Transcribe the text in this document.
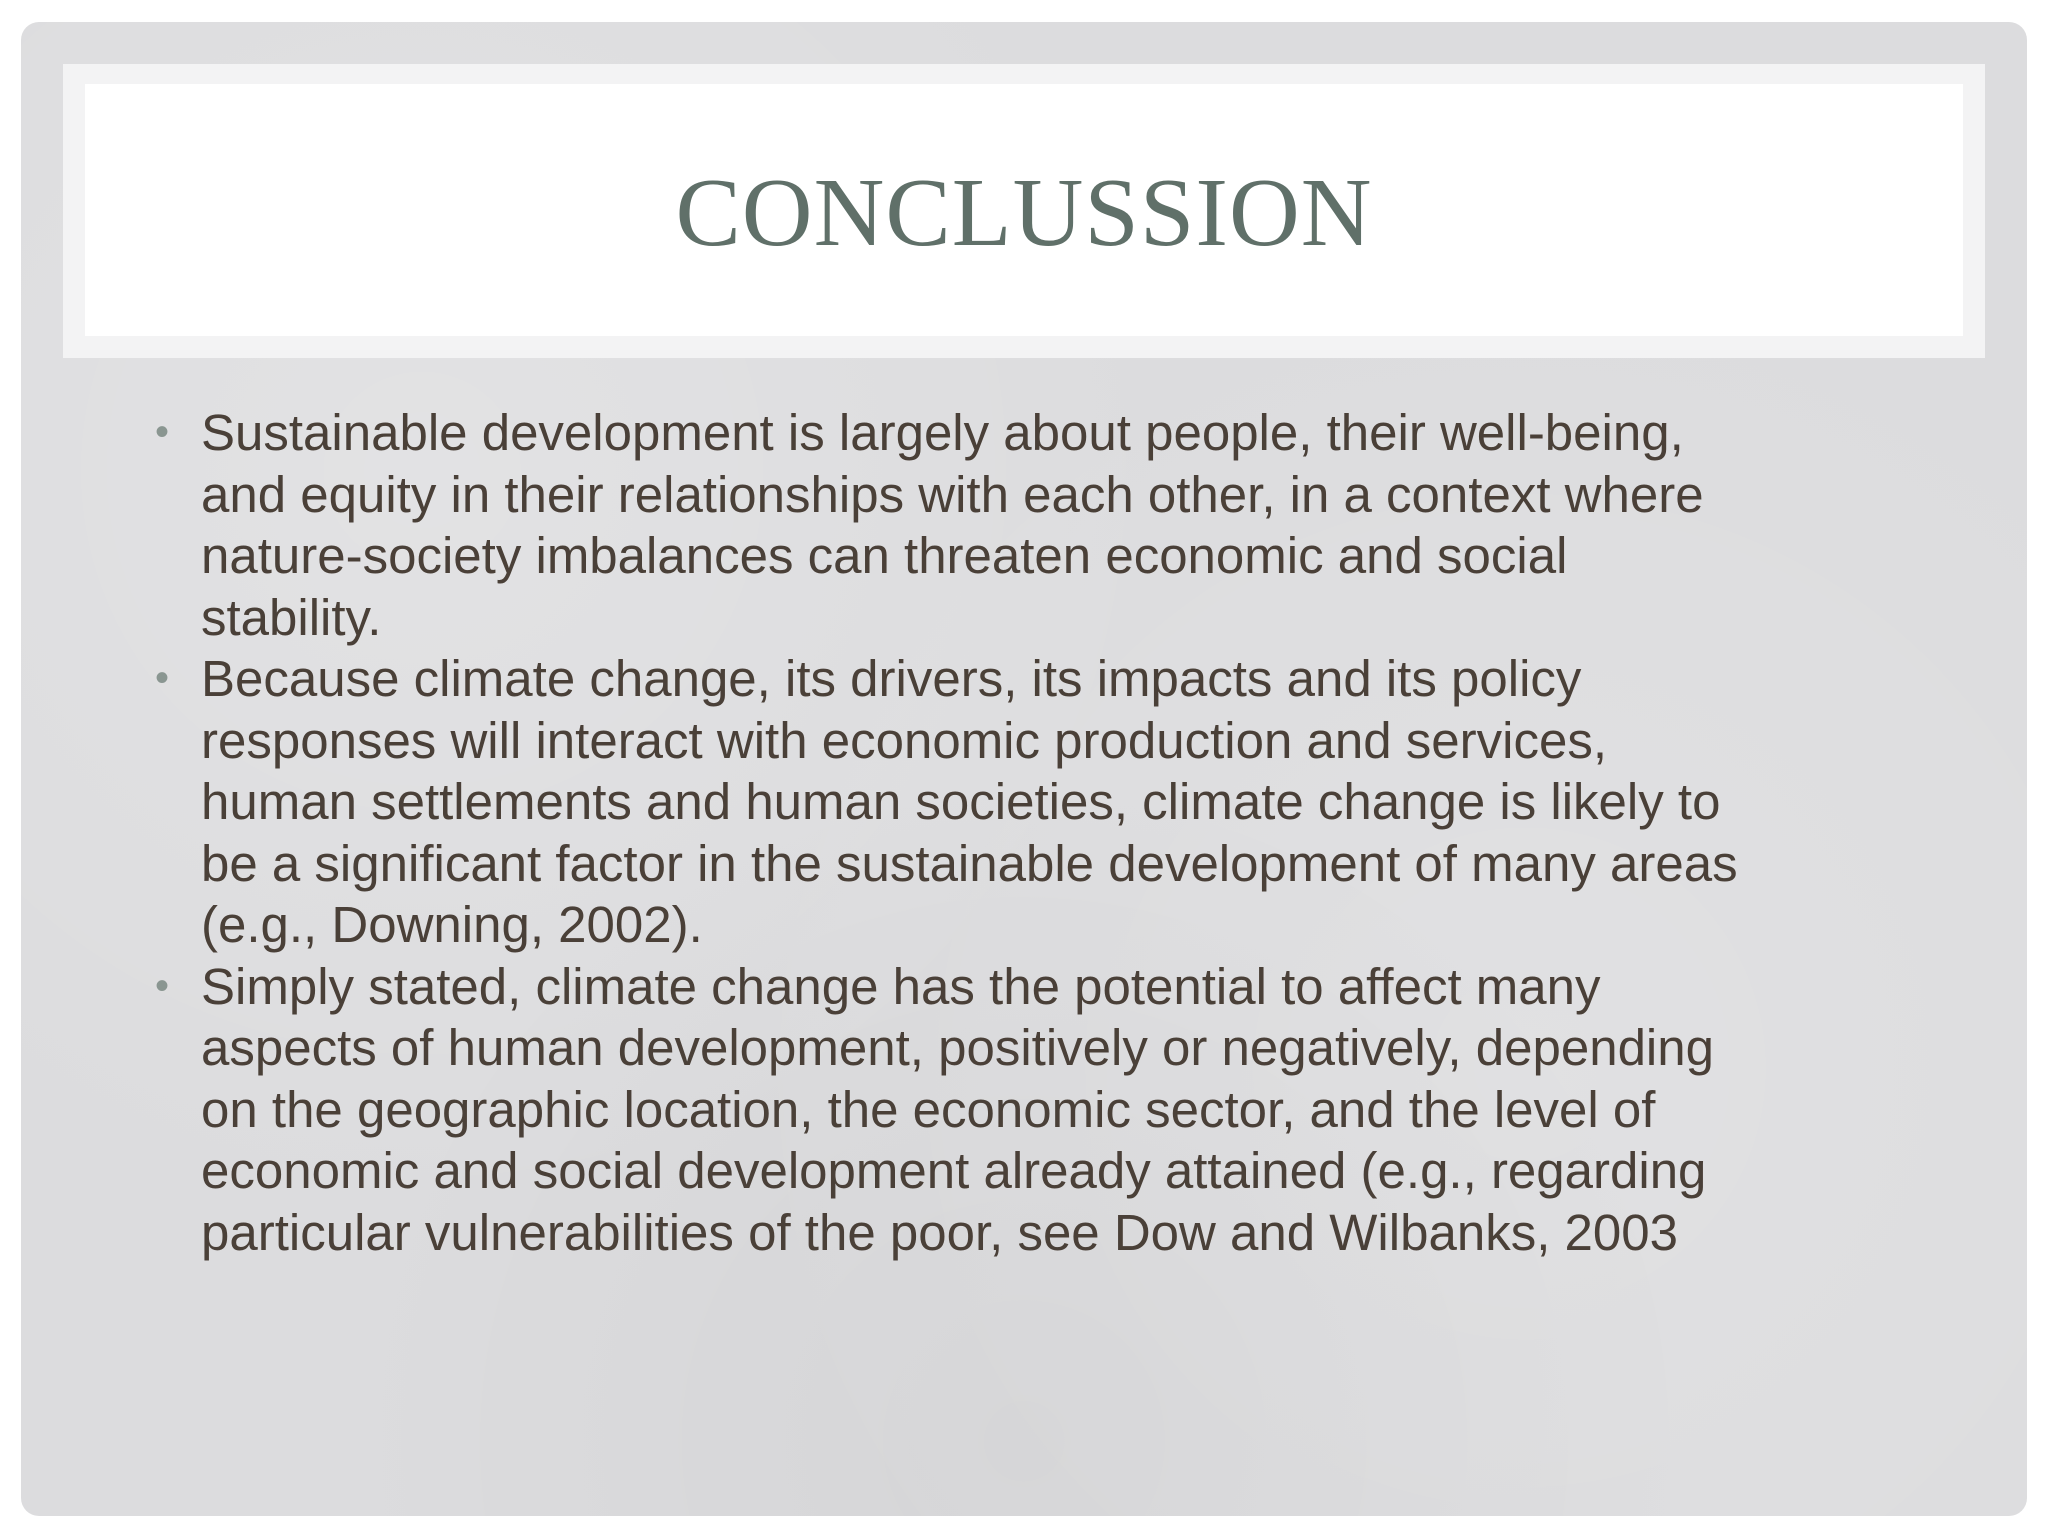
CONCLUSSION
• Sustainable development is largely about people, their well-being,
and equity in their relationships with each other, in a context where
nature-society imbalances can threaten economic and social
stability.
• Because climate change, its drivers, its impacts and its policy
responses will interact with economic production and services,
human settlements and human societies, climate change is likely to
be a significant factor in the sustainable development of many areas
(e.g., Downing, 2002).
• Simply stated, climate change has the potential to affect many
aspects of human development, positively or negatively, depending
on the geographic location, the economic sector, and the level of
economic and social development already attained (e.g., regarding
particular vulnerabilities of the poor, see Dow and Wilbanks, 2003
